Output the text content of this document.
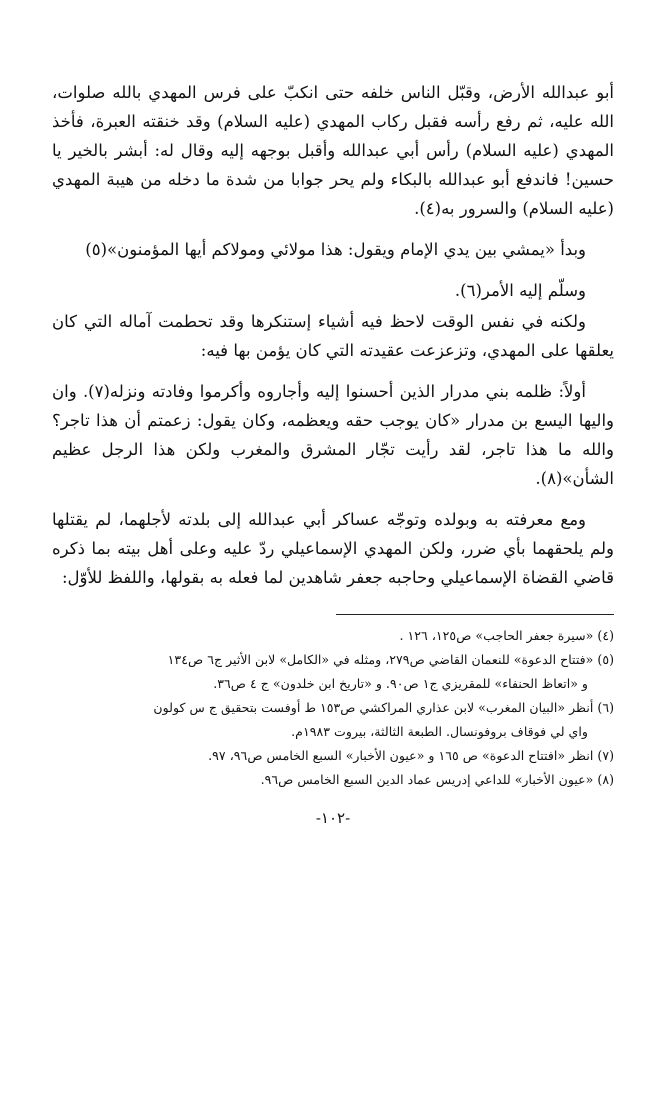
أبو عبدالله الأرض، وقبّل الناس خلفه حتى انكبّ على فرس المهدي بالله صلوات، الله عليه، ثم رفع رأسه فقبل ركاب المهدي (عليه السلام) وقد خنقته العبرة، فأخذ المهدي (عليه السلام) رأس أبي عبدالله وأقبل بوجهه إليه وقال له: أبشر بالخير يا حسين! فاندفع أبو عبدالله بالبكاء ولم يحر جوابا من شدة ما دخله من هيبة المهدي (عليه السلام) والسرور به(٤).

وبدأ «يمشي بين يدي الإمام ويقول: هذا مولائي ومولاكم أيها المؤمنون»(٥)

وسلّم إليه الأمر(٦).

ولكنه في نفس الوقت لاحظ فيه أشياء إستنكرها وقد تحطمت آماله التي كان يعلقها على المهدي، وتزعزعت عقيدته التي كان يؤمن بها فيه:

أولاً: ظلمه بني مدرار الذين أحسنوا إليه وأجاروه وأكرموا وفادته ونزله(٧). وان واليها اليسع بن مدرار «كان يوجب حقه ويعظمه، وكان يقول: زعمتم أن هذا تاجر؟ والله ما هذا تاجر، لقد رأيت تجّار المشرق والمغرب ولكن هذا الرجل عظيم الشأن»(٨).

ومع معرفته به وبولده وتوجّه عساكر أبي عبدالله إلى بلدته لأجلهما، لم يقتلها ولم يلحقهما بأي ضرر، ولكن المهدي الإسماعيلي ردّ عليه وعلى أهل بيته بما ذكره قاضي القضاة الإسماعيلي وحاجبه جعفر شاهدين لما فعله به بقولها، واللفظ للأوّل:

(٤) «سيرة جعفر الحاجب» ص١٢٥، ١٢٦ .
(٥) «فتتاح الدعوة» للنعمان القاضي ص٢٧٩، ومثله في «الكامل» لابن الأثير ج٦ ص١٣٤
و «اتعاظ الحنفاء» للمقريزي ج١ ص٩٠. و «تاريخ ابن خلدون» ج ٤ ص٣٦.
(٦) أنظر «البيان المغرب» لابن عذاري المراكشي ص١٥٣ ط أوفست بتحقيق ج س كولون
واي لي فوقاف بروفونسال. الطبعة الثالثة، بيروت ١٩٨٣م.
(٧) انظر «افتتاح الدعوة» ص ١٦٥ و «عيون الأخبار» السبع الخامس ص٩٦، ٩٧.
(٨) «عيون الأخبار» للداعي إدريس عماد الدين السبع الخامس ص٩٦.
-١٠٢-
